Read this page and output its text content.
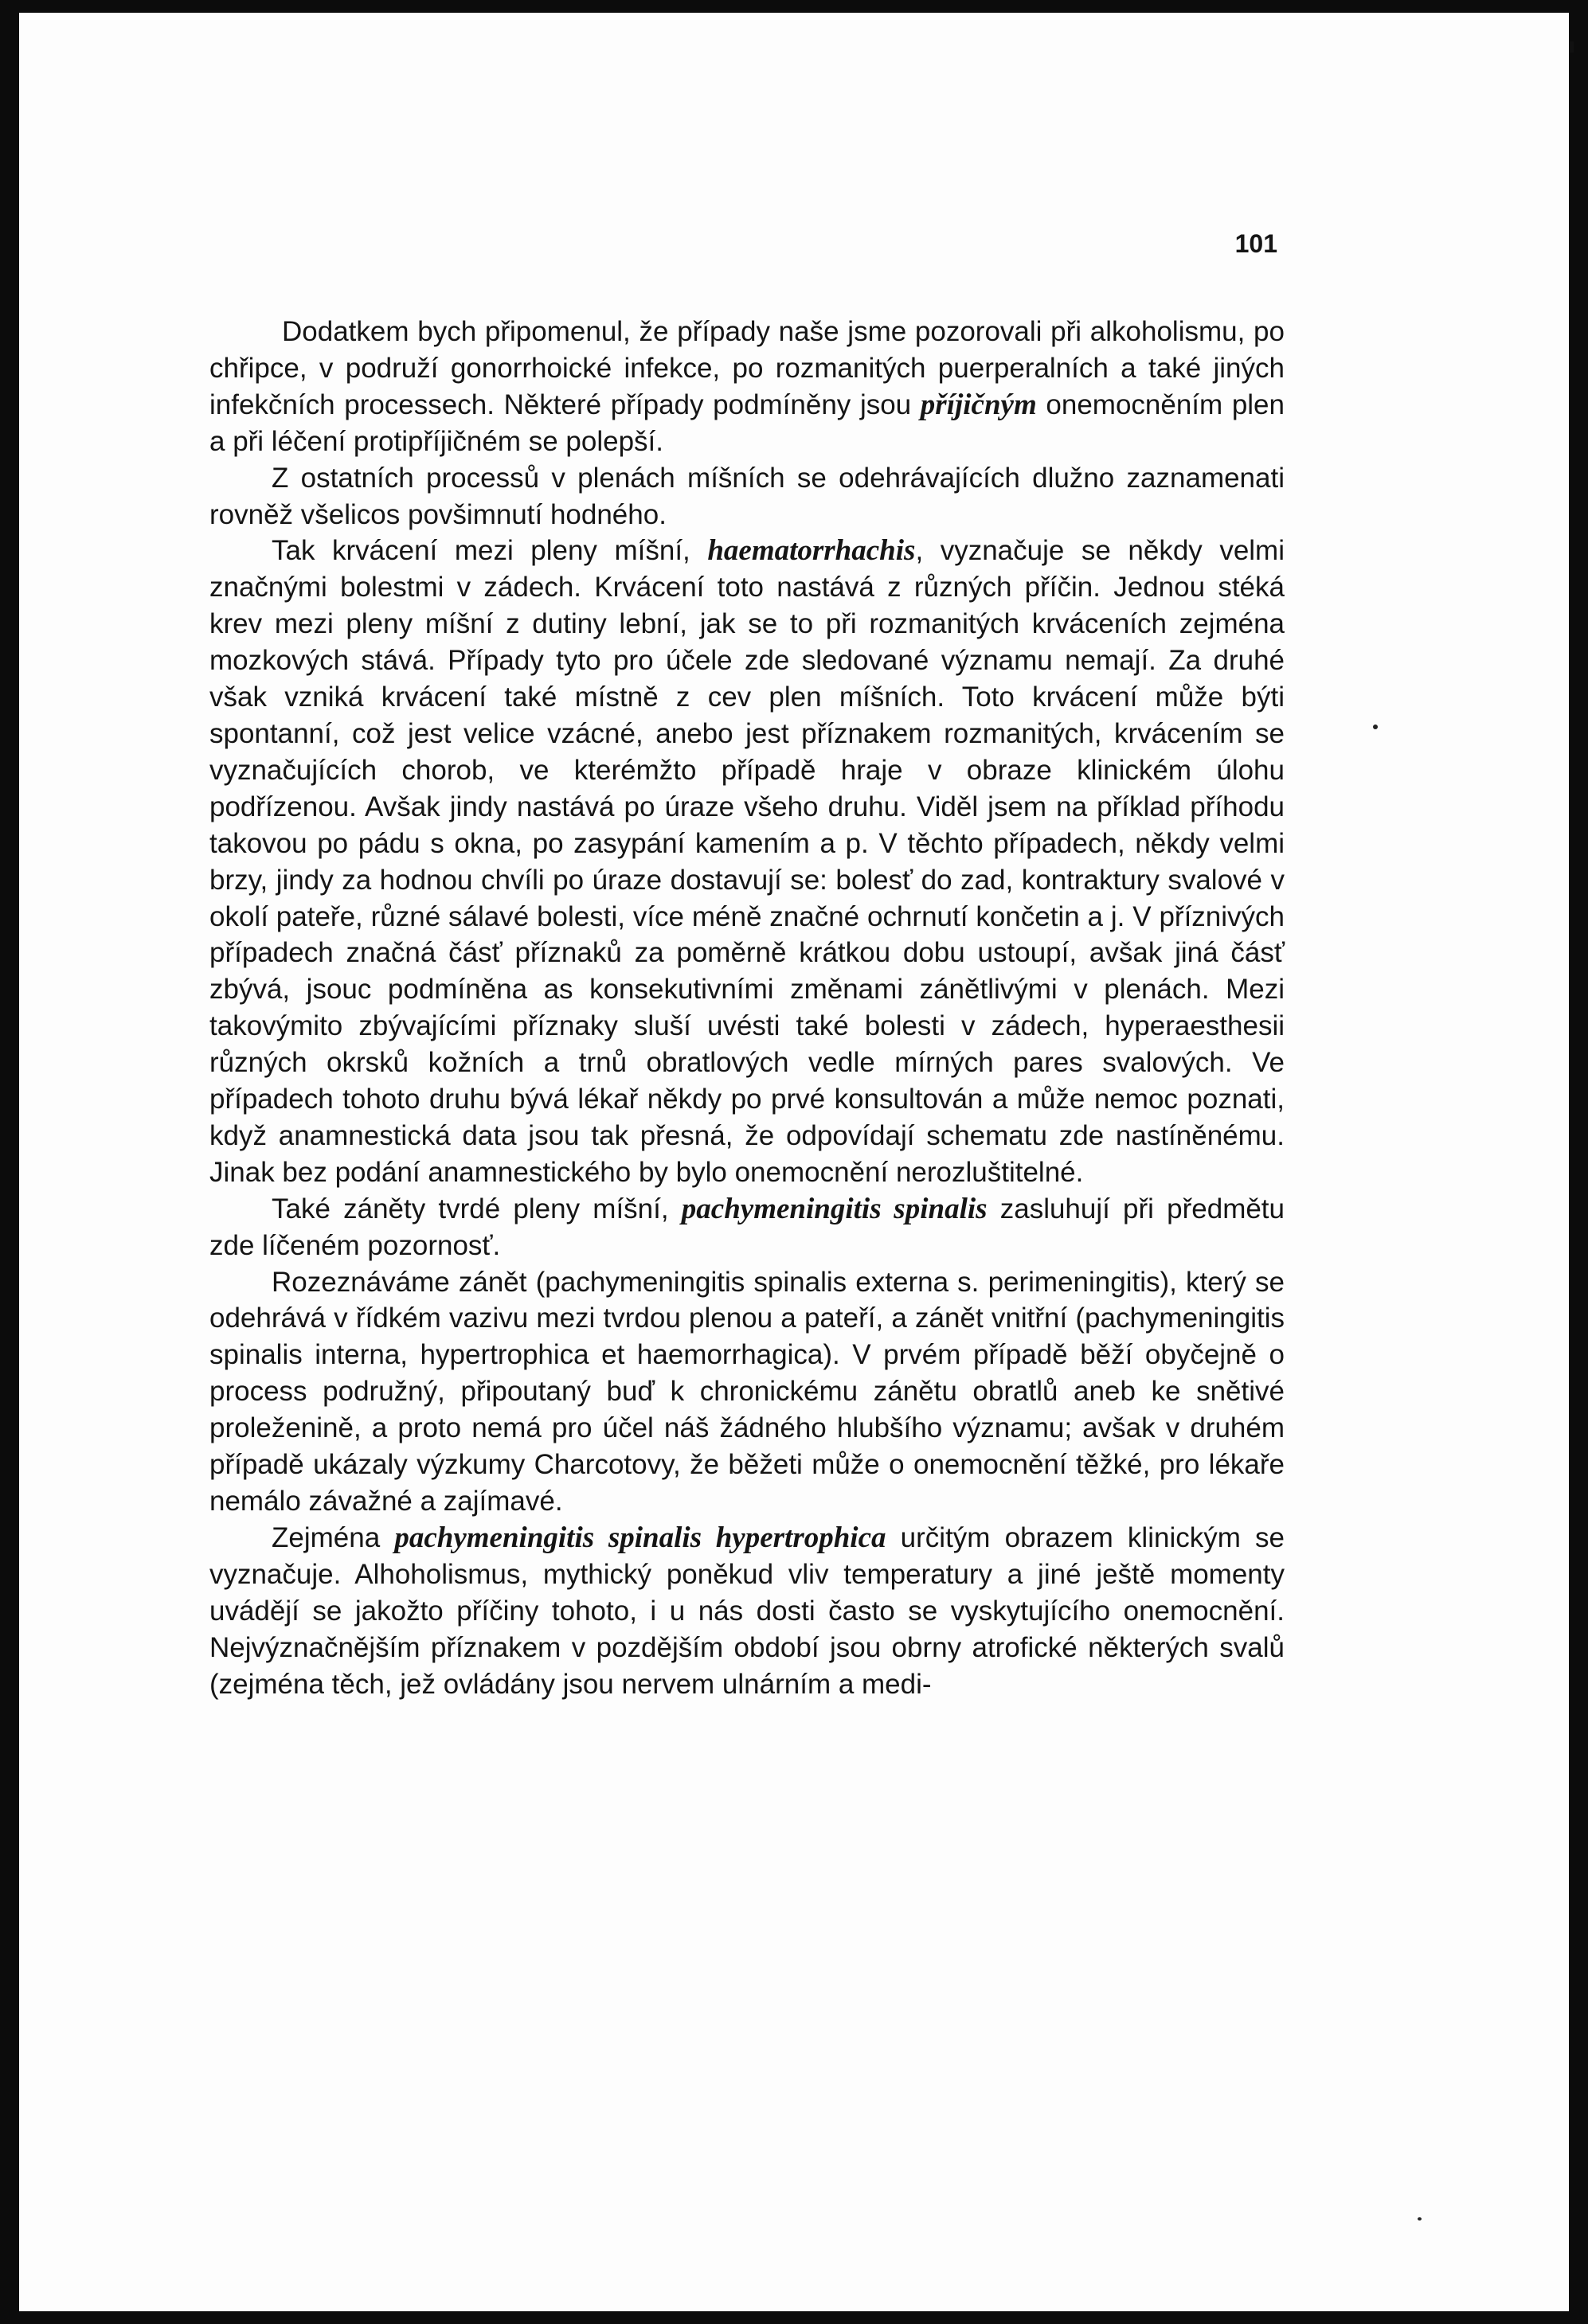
101

Dodatkem bych připomenul, že případy naše jsme pozorovali při alkoholismu, po chřipce, v podruží gonorrhoické infekce, po rozmanitých puerperalních a také jiných infekčních processech. Některé případy podmíněny jsou příjičným onemocněním plen a při léčení protipříjičném se polepší.

Z ostatních processů v plenách míšních se odehrávajících dlužno zaznamenati rovněž všelicos povšimnutí hodného.

Tak krvácení mezi pleny míšní, haematorrhachis, vyznačuje se někdy velmi značnými bolestmi v zádech. Krvácení toto nastává z různých příčin. Jednou stéká krev mezi pleny míšní z dutiny lební, jak se to při rozmanitých krváceních zejména mozkových stává. Případy tyto pro účele zde sledované významu nemají. Za druhé však vzniká krvácení také místně z cev plen míšních. Toto krvácení může býti spontanní, což jest velice vzácné, anebo jest příznakem rozmanitých, krvácením se vyznačujících chorob, ve kterémžto případě hraje v obraze klinickém úlohu podřízenou. Avšak jindy nastává po úraze všeho druhu. Viděl jsem na příklad příhodu takovou po pádu s okna, po zasypání kamením a p. V těchto případech, někdy velmi brzy, jindy za hodnou chvíli po úraze dostavují se: bolesť do zad, kontraktury svalové v okolí pateře, různé sálavé bolesti, více méně značné ochrnutí končetin a j. V příznivých případech značná čásť příznaků za poměrně krátkou dobu ustoupí, avšak jiná čásť zbývá, jsouc podmíněna as konsekutivními změnami zánětlivými v plenách. Mezi takovýmito zbývajícími příznaky sluší uvésti také bolesti v zádech, hyperaesthesii různých okrsků kožních a trnů obratlových vedle mírných pares svalových. Ve případech tohoto druhu bývá lékař někdy po prvé konsultován a může nemoc poznati, když anamnestická data jsou tak přesná, že odpovídají schematu zde nastíněnému. Jinak bez podání anamnestického by bylo onemocnění nerozluštitelné.

Také záněty tvrdé pleny míšní, pachymeningitis spinalis zasluhují při předmětu zde líčeném pozornosť.

Rozeznáváme zánět (pachymeningitis spinalis externa s. perimeningitis), který se odehrává v řídkém vazivu mezi tvrdou plenou a pateří, a zánět vnitřní (pachymeningitis spinalis interna, hypertrophica et haemorrhagica). V prvém případě běží obyčejně o process podružný, připoutaný buď k chronickému zánětu obratlů aneb ke snětivé proleženině, a proto nemá pro účel náš žádného hlubšího významu; avšak v druhém případě ukázaly výzkumy Charcotovy, že běžeti může o onemocnění těžké, pro lékaře nemálo závažné a zajímavé.

Zejména pachymeningitis spinalis hypertrophica určitým obrazem klinickým se vyznačuje. Alhoholismus, mythický poněkud vliv temperatury a jiné ještě momenty uvádějí se jakožto příčiny tohoto, i u nás dosti často se vyskytujícího onemocnění. Nejvýznačnějším příznakem v pozdějším období jsou obrny atrofické některých svalů (zejména těch, jež ovládány jsou nervem ulnárním a medi-
